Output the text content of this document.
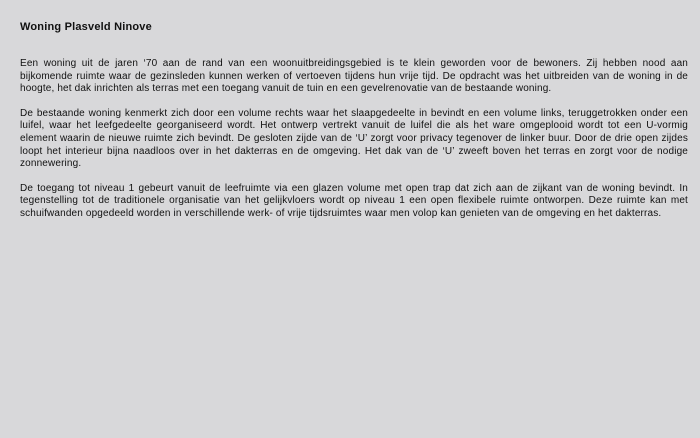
Woning Plasveld Ninove

Een woning uit de jaren ‘70 aan de rand van een woonuitbreidingsgebied is te klein geworden voor de bewoners. Zij hebben nood aan bijkomende ruimte waar de gezinsleden kunnen werken of vertoeven tijdens hun vrije tijd. De opdracht was het uitbreiden van de woning in de hoogte, het dak inrichten als terras met een toegang vanuit de tuin en een gevelrenovatie van de bestaande woning.

De bestaande woning kenmerkt zich door een volume rechts waar het slaapgedeelte in bevindt en een volume links, teruggetrokken onder een luifel, waar het leefgedeelte georganiseerd wordt. Het ontwerp vertrekt vanuit de luifel die als het ware omgeplooid wordt tot een U-vormig element waarin de nieuwe ruimte zich bevindt. De gesloten zijde van de ‘U’ zorgt voor privacy tegenover de linker buur. Door de drie open zijdes loopt het interieur bijna naadloos over in het dakterras en de omgeving. Het dak van de ‘U’ zweeft boven het terras en zorgt voor de nodige zonnewering.

De toegang tot niveau 1 gebeurt vanuit de leefruimte via een glazen volume met open trap dat zich aan de zijkant van de woning bevindt. In tegenstelling tot de traditionele organisatie van het gelijkvloers wordt op niveau 1 een open flexibele ruimte ontworpen. Deze ruimte kan met schuifwanden opgedeeld worden in verschillende werk- of vrije tijdsruimtes waar men volop kan genieten van de omgeving en het dakterras.
